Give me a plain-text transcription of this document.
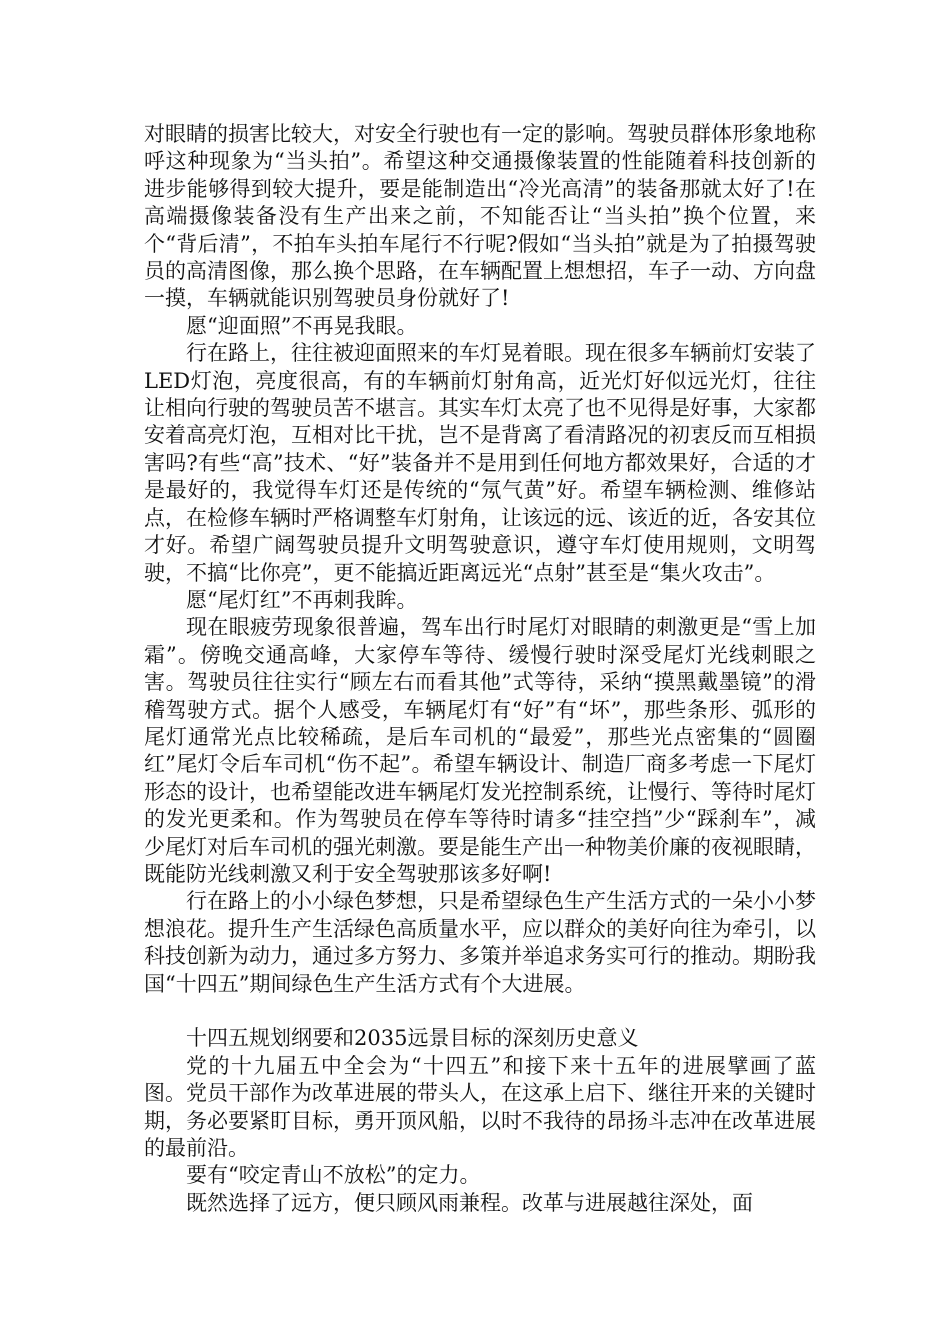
对眼睛的损害比较大，对安全行驶也有一定的影响。驾驶员群体形象地称呼这种现象为“当头拍”。希望这种交通摄像装置的性能随着科技创新的进步能够得到较大提升，要是能制造出“冷光高清”的装备那就太好了!在高端摄像装备没有生产出来之前，不知能否让“当头拍”换个位置，来个“背后清”，不拍车头拍车尾行不行呢?假如“当头拍”就是为了拍摄驾驶员的高清图像，那么换个思路，在车辆配置上想想招，车子一动、方向盘一摸，车辆就能识别驾驶员身份就好了!

愿“迎面照”不再晃我眼。

行在路上，往往被迎面照来的车灯晃着眼。现在很多车辆前灯安装了LED灯泡，亮度很高，有的车辆前灯射角高，近光灯好似远光灯，往往让相向行驶的驾驶员苦不堪言。其实车灯太亮了也不见得是好事，大家都安着高亮灯泡，互相对比干扰，岂不是背离了看清路况的初衷反而互相损害吗?有些“高”技术、“好”装备并不是用到任何地方都效果好，合适的才是最好的，我觉得车灯还是传统的“氖气黄”好。希望车辆检测、维修站点，在检修车辆时严格调整车灯射角，让该远的远、该近的近，各安其位才好。希望广阔驾驶员提升文明驾驶意识，遵守车灯使用规则，文明驾驶，不搞“比你亮”，更不能搞近距离远光“点射”甚至是“集火攻击”。

愿“尾灯红”不再刺我眸。

现在眼疲劳现象很普遍，驾车出行时尾灯对眼睛的刺激更是“雪上加霜”。傍晚交通高峰，大家停车等待、缓慢行驶时深受尾灯光线刺眼之害。驾驶员往往实行“顾左右而看其他”式等待，采纳“摸黑戴墨镜”的滑稽驾驶方式。据个人感受，车辆尾灯有“好”有“坏”，那些条形、弧形的尾灯通常光点比较稀疏，是后车司机的“最爱”，那些光点密集的“圆圈红”尾灯令后车司机“伤不起”。希望车辆设计、制造厂商多考虑一下尾灯形态的设计，也希望能改进车辆尾灯发光控制系统，让慢行、等待时尾灯的发光更柔和。作为驾驶员在停车等待时请多“挂空挡”少“踩刹车”，减少尾灯对后车司机的强光刺激。要是能生产出一种物美价廉的夜视眼睛，既能防光线刺激又利于安全驾驶那该多好啊!

行在路上的小小绿色梦想，只是希望绿色生产生活方式的一朵小小梦想浪花。提升生产生活绿色高质量水平，应以群众的美好向往为牵引，以科技创新为动力，通过多方努力、多策并举追求务实可行的推动。期盼我国“十四五”期间绿色生产生活方式有个大进展。

十四五规划纲要和2035远景目标的深刻历史意义

党的十九届五中全会为“十四五”和接下来十五年的进展擘画了蓝图。党员干部作为改革进展的带头人，在这承上启下、继往开来的关键时期，务必要紧盯目标，勇开顶风船，以时不我待的昂扬斗志冲在改革进展的最前沿。

要有“咬定青山不放松”的定力。

既然选择了远方，便只顾风雨兼程。改革与进展越往深处，面
